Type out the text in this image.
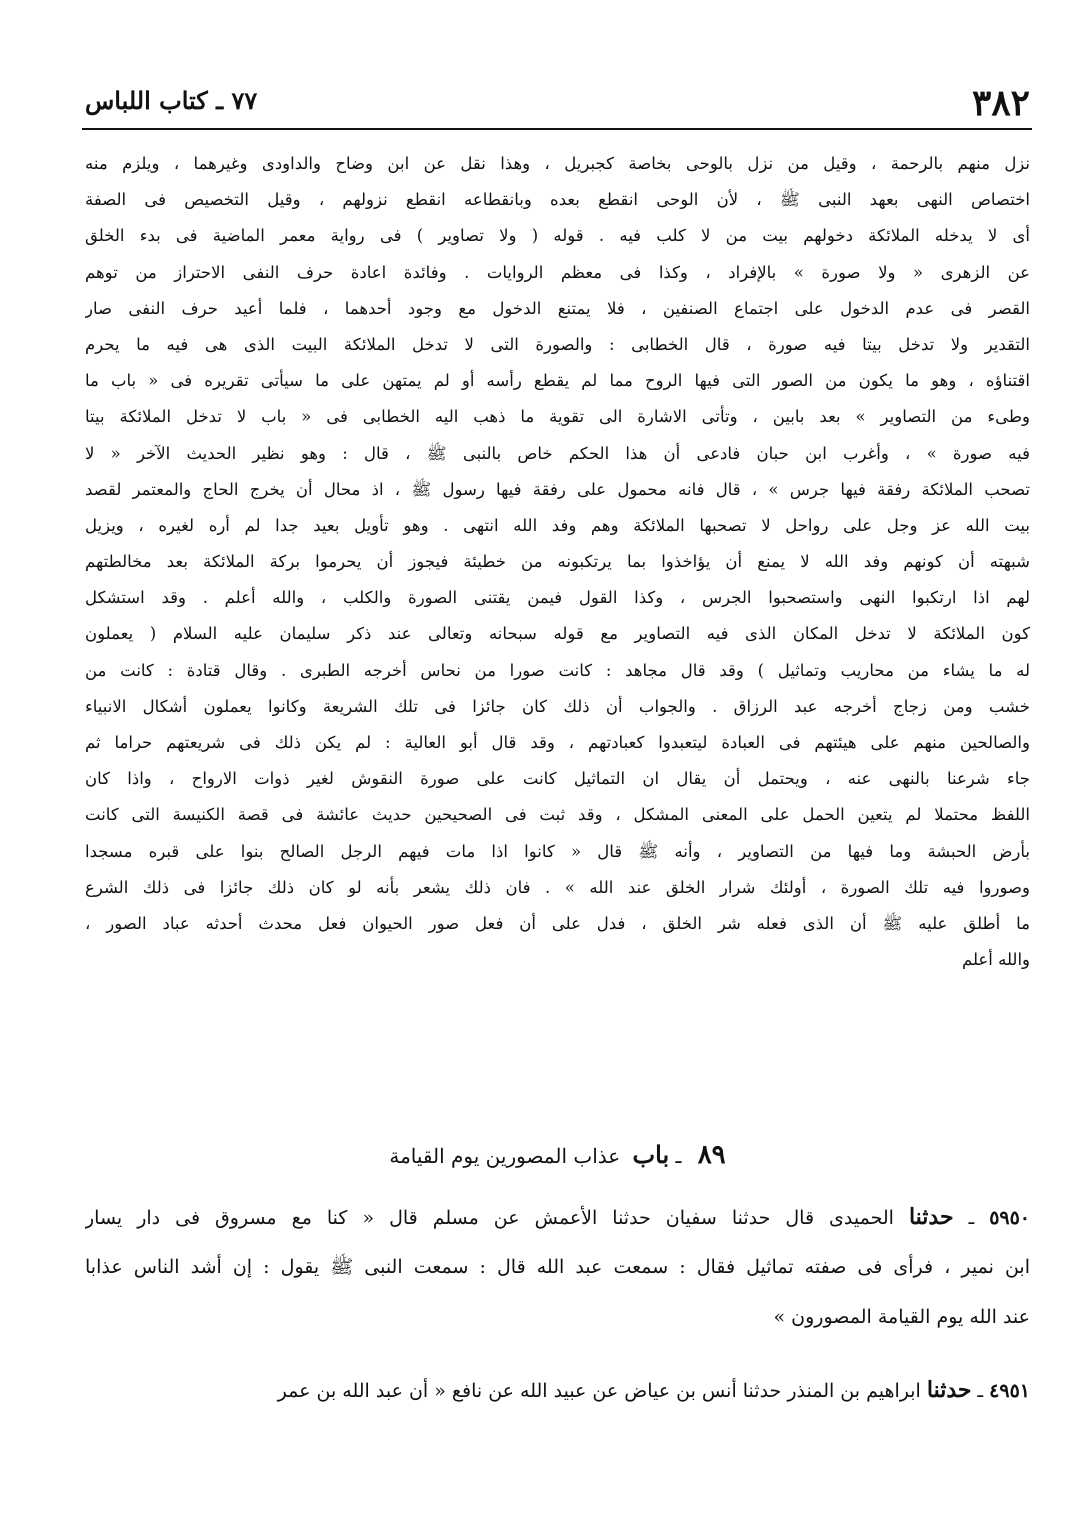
٣٨٢
٧٧ ـ كتاب اللباس
نزل منهم بالرحمة ، وقيل من نزل بالوحى بخاصة كجبريل ، وهذا نقل عن ابن وضاح والداودى وغيرهما ، ويلزم منه
اختصاص النهى بعهد النبى ﷺ ، لأن الوحى انقطع بعده وبانقطاعه انقطع نزولهم ، وقيل التخصيص فى الصفة
أى لا يدخله الملائكة دخولهم بيت من لا كلب فيه . قوله ( ولا تصاوير ) فى رواية معمر الماضية فى بدء الخلق
عن الزهرى « ولا صورة » بالإفراد ، وكذا فى معظم الروايات . وفائدة اعادة حرف النفى الاحتراز من توهم
القصر فى عدم الدخول على اجتماع الصنفين ، فلا يمتنع الدخول مع وجود أحدهما ، فلما أعيد حرف النفى صار
التقدير ولا تدخل بيتا فيه صورة ، قال الخطابى : والصورة التى لا تدخل الملائكة البيت الذى هى فيه ما يحرم
اقتناؤه ، وهو ما يكون من الصور التى فيها الروح مما لم يقطع رأسه أو لم يمتهن على ما سيأتى تقريره فى « باب ما
وطىء من التصاوير » بعد بابين ، وتأتى الاشارة الى تقوية ما ذهب اليه الخطابى فى « باب لا تدخل الملائكة بيتا
فيه صورة » ، وأغرب ابن حبان فادعى أن هذا الحكم خاص بالنبى ﷺ ، قال : وهو نظير الحديث الآخر « لا
تصحب الملائكة رفقة فيها جرس » ، قال فانه محمول على رفقة فيها رسول ﷺ ، اذ محال أن يخرج الحاج والمعتمر لقصد
بيت الله عز وجل على رواحل لا تصحبها الملائكة وهم وفد الله انتهى . وهو تأويل بعيد جدا لم أره لغيره ، ويزيل
شبهته أن كونهم وفد الله لا يمنع أن يؤاخذوا بما يرتكبونه من خطيئة فيجوز أن يحرموا بركة الملائكة بعد مخالطتهم
لهم اذا ارتكبوا النهى واستصحبوا الجرس ، وكذا القول فيمن يقتنى الصورة والكلب ، والله أعلم . وقد استشكل
كون الملائكة لا تدخل المكان الذى فيه التصاوير مع قوله سبحانه وتعالى عند ذكر سليمان عليه السلام ( يعملون
له ما يشاء من محاريب وتماثيل ) وقد قال مجاهد : كانت صورا من نحاس أخرجه الطبرى . وقال قتادة : كانت من
خشب ومن زجاج أخرجه عبد الرزاق . والجواب أن ذلك كان جائزا فى تلك الشريعة وكانوا يعملون أشكال الانبياء
والصالحين منهم على هيئتهم فى العبادة ليتعبدوا كعبادتهم ، وقد قال أبو العالية : لم يكن ذلك فى شريعتهم حراما ثم
جاء شرعنا بالنهى عنه ، ويحتمل أن يقال ان التماثيل كانت على صورة النقوش لغير ذوات الارواح ، واذا كان
اللفظ محتملا لم يتعين الحمل على المعنى المشكل ، وقد ثبت فى الصحيحين حديث عائشة فى قصة الكنيسة التى كانت
بأرض الحبشة وما فيها من التصاوير ، وأنه ﷺ قال « كانوا اذا مات فيهم الرجل الصالح بنوا على قبره مسجدا
وصوروا فيه تلك الصورة ، أولئك شرار الخلق عند الله » . فان ذلك يشعر بأنه لو كان ذلك جائزا فى ذلك الشرع
ما أطلق عليه ﷺ أن الذى فعله شر الخلق ، فدل على أن فعل صور الحيوان فعل محدث أحدثه عباد الصور ،
والله أعلم
٨٩ ـ باب عذاب المصورين يوم القيامة
٥٩٥٠ ـ حدثنا الحميدى قال حدثنا سفيان حدثنا الأعمش عن مسلم قال « كنا مع مسروق فى دار يسار
ابن نمير ، فرأى فى صفته تماثيل فقال : سمعت عبد الله قال : سمعت النبى ﷺ يقول : إن أشد الناس عذابا
عند الله يوم القيامة المصورون »
٤٩٥١ ـ حدثنا ابراهيم بن المنذر حدثنا أنس بن عياض عن عبيد الله عن نافع « أن عبد الله بن عمر
